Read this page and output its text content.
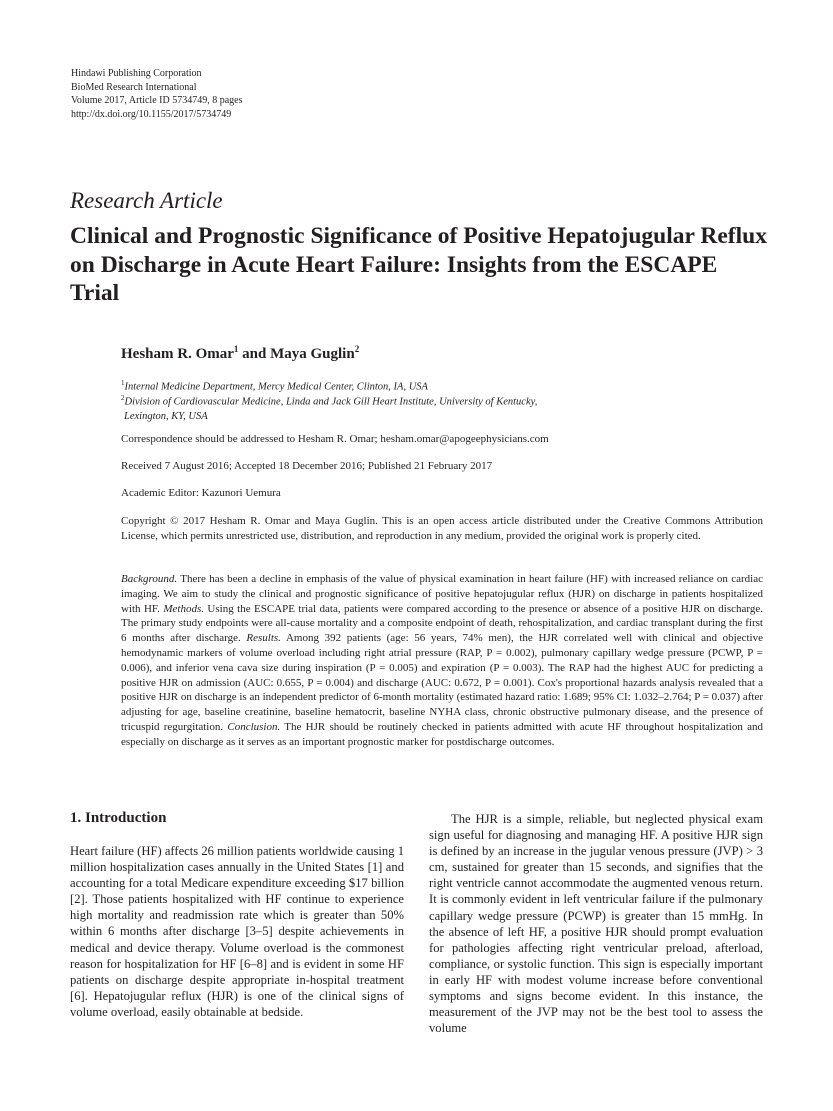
Hindawi Publishing Corporation
BioMed Research International
Volume 2017, Article ID 5734749, 8 pages
http://dx.doi.org/10.1155/2017/5734749
Research Article
Clinical and Prognostic Significance of Positive Hepatojugular Reflux on Discharge in Acute Heart Failure: Insights from the ESCAPE Trial
Hesham R. Omar$^1$ and Maya Guglin$^2$
$^1$Internal Medicine Department, Mercy Medical Center, Clinton, IA, USA
$^2$Division of Cardiovascular Medicine, Linda and Jack Gill Heart Institute, University of Kentucky,
Lexington, KY, USA
Correspondence should be addressed to Hesham R. Omar; hesham.omar@apogeephysicians.com
Received 7 August 2016; Accepted 18 December 2016; Published 21 February 2017
Academic Editor: Kazunori Uemura
Copyright © 2017 Hesham R. Omar and Maya Guglin. This is an open access article distributed under the Creative Commons Attribution License, which permits unrestricted use, distribution, and reproduction in any medium, provided the original work is properly cited.
Background. There has been a decline in emphasis of the value of physical examination in heart failure (HF) with increased reliance on cardiac imaging. We aim to study the clinical and prognostic significance of positive hepatojugular reflux (HJR) on discharge in patients hospitalized with HF. Methods. Using the ESCAPE trial data, patients were compared according to the presence or absence of a positive HJR on discharge. The primary study endpoints were all-cause mortality and a composite endpoint of death, rehospitalization, and cardiac transplant during the first 6 months after discharge. Results. Among 392 patients (age: 56 years, 74% men), the HJR correlated well with clinical and objective hemodynamic markers of volume overload including right atrial pressure (RAP, P = 0.002), pulmonary capillary wedge pressure (PCWP, P = 0.006), and inferior vena cava size during inspiration (P = 0.005) and expiration (P = 0.003). The RAP had the highest AUC for predicting a positive HJR on admission (AUC: 0.655, P = 0.004) and discharge (AUC: 0.672, P = 0.001). Cox's proportional hazards analysis revealed that a positive HJR on discharge is an independent predictor of 6-month mortality (estimated hazard ratio: 1.689; 95% CI: 1.032–2.764; P = 0.037) after adjusting for age, baseline creatinine, baseline hematocrit, baseline NYHA class, chronic obstructive pulmonary disease, and the presence of tricuspid regurgitation. Conclusion. The HJR should be routinely checked in patients admitted with acute HF throughout hospitalization and especially on discharge as it serves as an important prognostic marker for postdischarge outcomes.
1. Introduction
Heart failure (HF) affects 26 million patients worldwide causing 1 million hospitalization cases annually in the United States [1] and accounting for a total Medicare expenditure exceeding $17 billion [2]. Those patients hospitalized with HF continue to experience high mortality and readmission rate which is greater than 50% within 6 months after discharge [3–5] despite achievements in medical and device therapy. Volume overload is the commonest reason for hospitalization for HF [6–8] and is evident in some HF patients on discharge despite appropriate in-hospital treatment [6]. Hepatojugular reflux (HJR) is one of the clinical signs of volume overload, easily obtainable at bedside.
The HJR is a simple, reliable, but neglected physical exam sign useful for diagnosing and managing HF. A positive HJR sign is defined by an increase in the jugular venous pressure (JVP) > 3 cm, sustained for greater than 15 seconds, and signifies that the right ventricle cannot accommodate the augmented venous return. It is commonly evident in left ventricular failure if the pulmonary capillary wedge pressure (PCWP) is greater than 15 mmHg. In the absence of left HF, a positive HJR should prompt evaluation for pathologies affecting right ventricular preload, afterload, compliance, or systolic function. This sign is especially important in early HF with modest volume increase before conventional symptoms and signs become evident. In this instance, the measurement of the JVP may not be the best tool to assess the volume
